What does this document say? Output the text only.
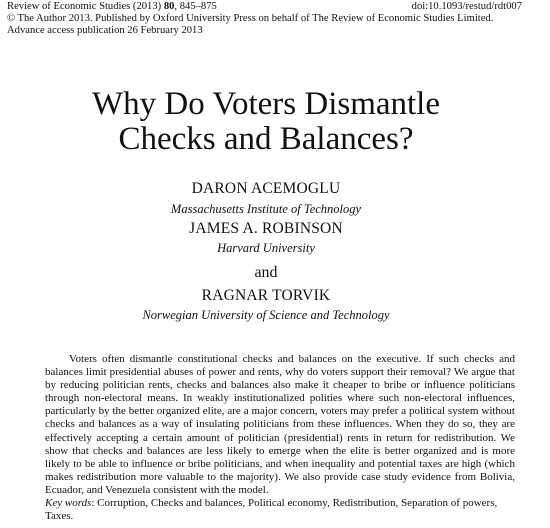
Review of Economic Studies (2013) 80, 845–875	doi:10.1093/restud/rdt007
© The Author 2013. Published by Oxford University Press on behalf of The Review of Economic Studies Limited.
Advance access publication 26 February 2013
Why Do Voters Dismantle
Checks and Balances?
DARON ACEMOGLU
Massachusetts Institute of Technology
JAMES A. ROBINSON
Harvard University
and
RAGNAR TORVIK
Norwegian University of Science and Technology

Voters often dismantle constitutional checks and balances on the executive. If such checks and balances limit presidential abuses of power and rents, why do voters support their removal? We argue that by reducing politician rents, checks and balances also make it cheaper to bribe or influence politicians through non-electoral means. In weakly institutionalized polities where such non-electoral influences, particularly by the better organized elite, are a major concern, voters may prefer a political system without checks and balances as a way of insulating politicians from these influences. When they do so, they are effectively accepting a certain amount of politician (presidential) rents in return for redistribution. We show that checks and balances are less likely to emerge when the elite is better organized and is more likely to be able to influence or bribe politicians, and when inequality and potential taxes are high (which makes redistribution more valuable to the majority). We also provide case study evidence from Bolivia, Ecuador, and Venezuela consistent with the model.

Key words: Corruption, Checks and balances, Political economy, Redistribution, Separation of powers, Taxes.
